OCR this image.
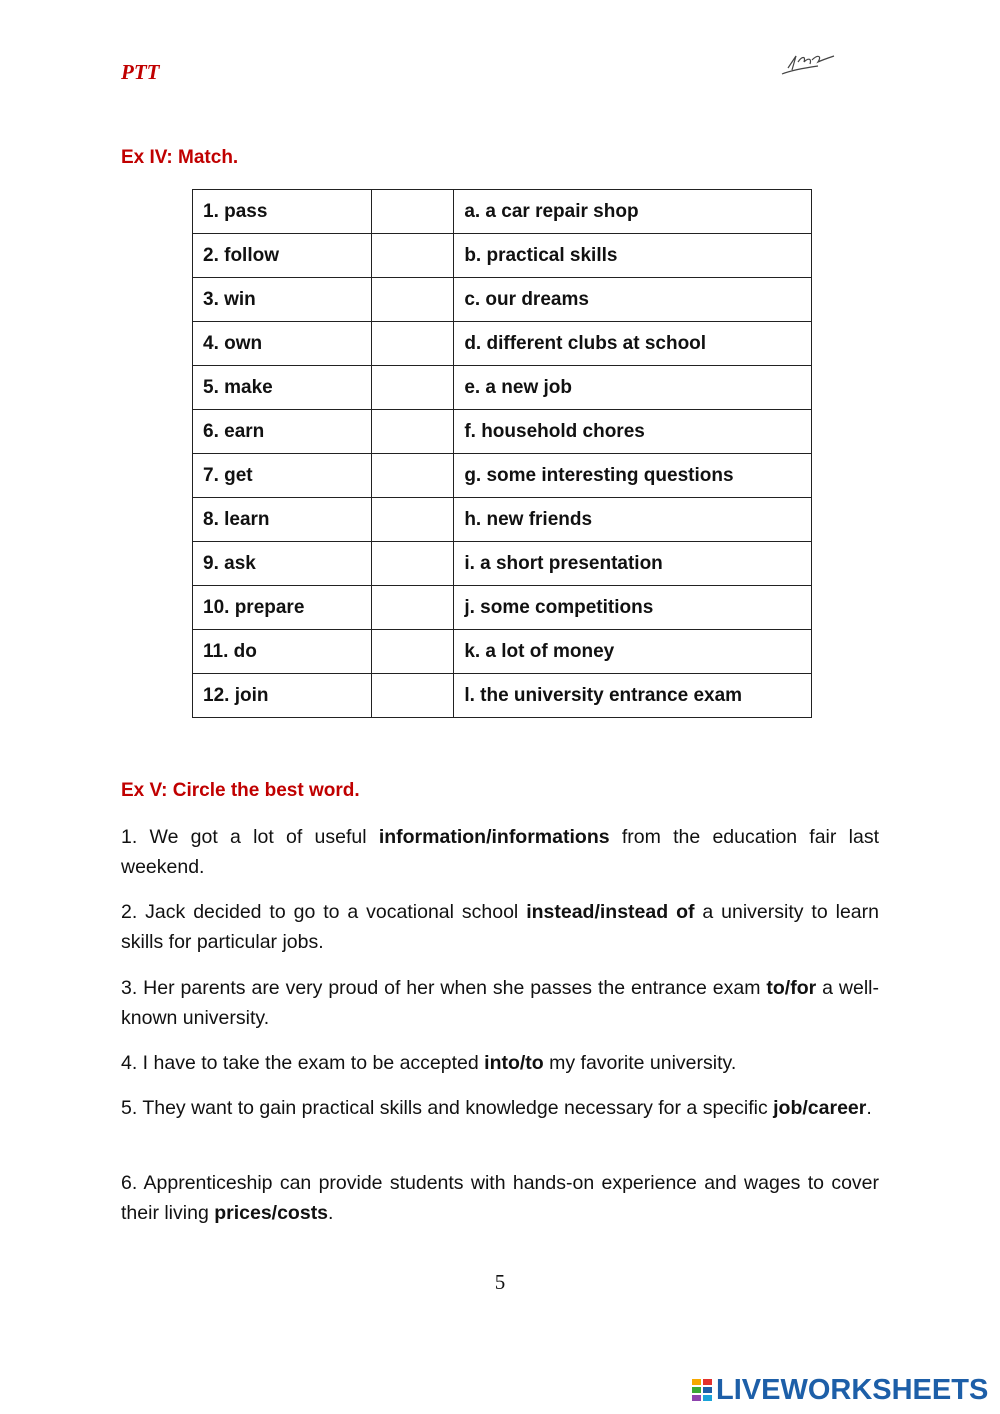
PTT
Ex IV: Match.
1. pass		a. a car repair shop
2. follow		b. practical skills
3. win		c. our dreams
4. own		d. different clubs at school
5. make		e. a new job
6. earn		f. household chores
7. get		g. some interesting questions
8. learn		h. new friends
9. ask		i. a short presentation
10. prepare		j. some competitions
11. do		k. a lot of money
12. join		l. the university entrance exam
Ex V: Circle the best word.
1. We got a lot of useful information/informations from the education fair last weekend.
2. Jack decided to go to a vocational school instead/instead of a university to learn skills for particular jobs.
3. Her parents are very proud of her when she passes the entrance exam to/for a well-known university.
4. I have to take the exam to be accepted into/to my favorite university.
5. They want to gain practical skills and knowledge necessary for a specific job/career.
6. Apprenticeship can provide students with hands-on experience and wages to cover their living prices/costs.
5
LIVEWORKSHEETS
